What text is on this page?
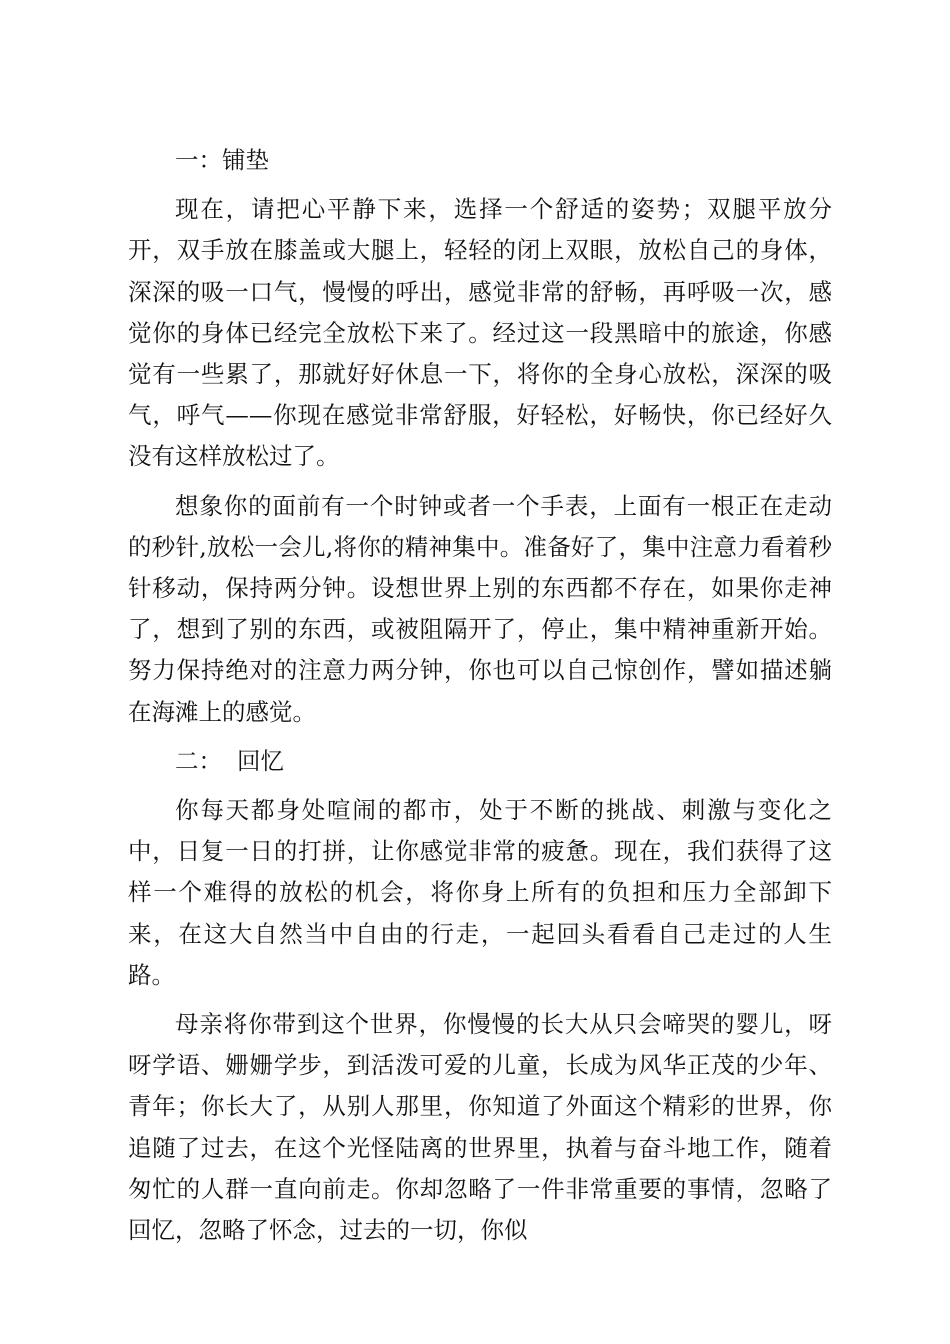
一：铺垫

现在，请把心平静下来，选择一个舒适的姿势；双腿平放分开，双手放在膝盖或大腿上，轻轻的闭上双眼，放松自己的身体，深深的吸一口气，慢慢的呼出，感觉非常的舒畅，再呼吸一次，感觉你的身体已经完全放松下来了。经过这一段黑暗中的旅途，你感觉有一些累了，那就好好休息一下，将你的全身心放松，深深的吸气，呼气——你现在感觉非常舒服，好轻松，好畅快，你已经好久没有这样放松过了。

想象你的面前有一个时钟或者一个手表，上面有一根正在走动的秒针,放松一会儿,将你的精神集中。准备好了，集中注意力看着秒针移动，保持两分钟。设想世界上别的东西都不存在，如果你走神了，想到了别的东西，或被阻隔开了，停止，集中精神重新开始。努力保持绝对的注意力两分钟，你也可以自己惊创作，譬如描述躺在海滩上的感觉。

二：  回忆

你每天都身处喧闹的都市，处于不断的挑战、刺激与变化之中，日复一日的打拼，让你感觉非常的疲惫。现在，我们获得了这样一个难得的放松的机会，将你身上所有的负担和压力全部卸下来，在这大自然当中自由的行走，一起回头看看自己走过的人生路。

母亲将你带到这个世界，你慢慢的长大从只会啼哭的婴儿，呀呀学语、姗姗学步，到活泼可爱的儿童，长成为风华正茂的少年、青年；你长大了，从别人那里，你知道了外面这个精彩的世界，你追随了过去，在这个光怪陆离的世界里，执着与奋斗地工作，随着匆忙的人群一直向前走。你却忽略了一件非常重要的事情，忽略了回忆，忽略了怀念，过去的一切，你似
